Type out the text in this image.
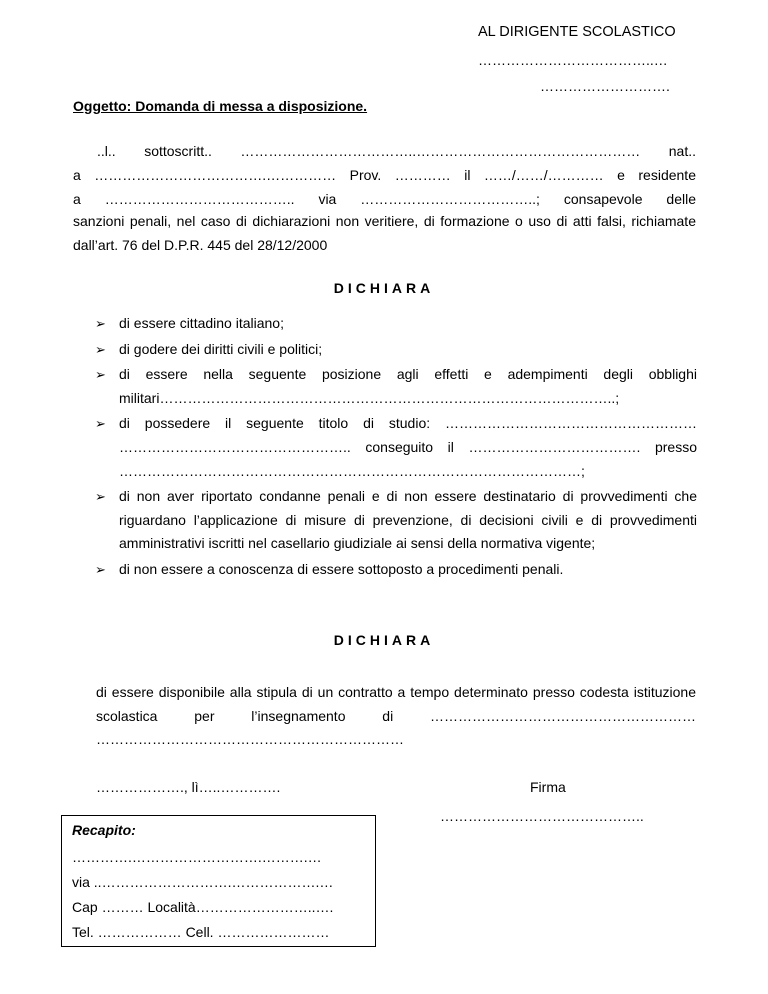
AL DIRIGENTE SCOLASTICO
………………………………..…
……………………….
Oggetto: Domanda di messa a disposizione.
..l.. sottoscritt.. ………………………………..………………………………………… nat..
a ……………………………….…………… Prov. ………… il ……/……/………… e residente
a ………………………………….. via ………………………………..; consapevole delle
sanzioni penali, nel caso di dichiarazioni non veritiere, di formazione o uso di atti falsi, richiamate dall’art. 76 del D.P.R. 445 del 28/12/2000
DICHIARA
➢ di essere cittadino italiano;
➢ di godere dei diritti civili e politici;
➢ di essere nella seguente posizione agli effetti e adempimenti degli obblighi militari……………………………………………………………………………………..;
➢ di possedere il seguente titolo di studio: ……………………………………………… ………………………………………….. conseguito il ………………………………. presso ………………………………………………………………………………………;
➢ di non aver riportato condanne penali e di non essere destinatario di provvedimenti che riguardano l’applicazione di misure di prevenzione, di decisioni civili e di provvedimenti amministrativi iscritti nel casellario giudiziale ai sensi della normativa vigente;
➢ di non essere a conoscenza di essere sottoposto a procedimenti penali.
DICHIARA
di essere disponibile alla stipula di un contratto a tempo determinato presso codesta istituzione scolastica per l’insegnamento di ………………………………………………… …………………………………………………………
………………., lì…..………….	Firma
……………………………………..
Recapito:
………….……………………….……….…
via ..……………………….……………….…
Cap ……… Località……………………..….
Tel. ……………… Cell. ……………………
